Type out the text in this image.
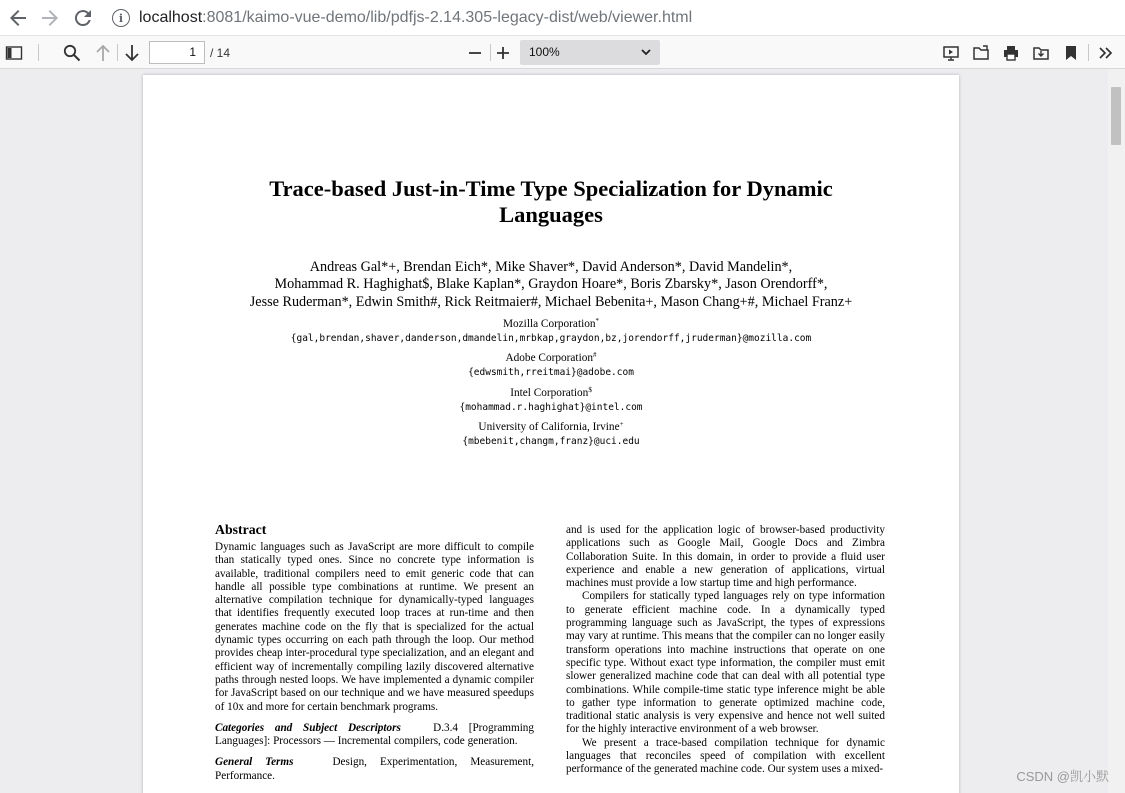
i localhost :8081/kaimo-vue-demo/lib/pdfjs-2.14.305-legacy-dist/web/viewer.html
1	/ 14	100%
Trace-based Just-in-Time Type Specialization for Dynamic
Languages
Andreas Gal*+, Brendan Eich*, Mike Shaver*, David Anderson*, David Mandelin*,
Mohammad R. Haghighat$, Blake Kaplan*, Graydon Hoare*, Boris Zbarsky*, Jason Orendorff*,
Jesse Ruderman*, Edwin Smith#, Rick Reitmaier#, Michael Bebenita+, Mason Chang+#, Michael Franz+
Mozilla Corporation*
{gal,brendan,shaver,danderson,dmandelin,mrbkap,graydon,bz,jorendorff,jruderman}@mozilla.com
Adobe Corporation#
{edwsmith,rreitmai}@adobe.com
Intel Corporation$
{mohammad.r.haghighat}@intel.com
University of California, Irvine+
{mbebenit,changm,franz}@uci.edu
Abstract

Dynamic languages such as JavaScript are more difficult to compile than statically typed ones. Since no concrete type information is available, traditional compilers need to emit generic code that can handle all possible type combinations at runtime. We present an alternative compilation technique for dynamically-typed languages that identifies frequently executed loop traces at run-time and then generates machine code on the fly that is specialized for the actual dynamic types occurring on each path through the loop. Our method provides cheap inter-procedural type specialization, and an elegant and efficient way of incrementally compiling lazily discovered alternative paths through nested loops. We have implemented a dynamic compiler for JavaScript based on our technique and we have measured speedups of 10x and more for certain benchmark programs.

Categories and Subject Descriptors	D.3.4 [Programming Languages]: Processors — Incremental compilers, code generation.

General Terms	Design, Experimentation, Measurement, Performance.

and is used for the application logic of browser-based productivity applications such as Google Mail, Google Docs and Zimbra Collaboration Suite. In this domain, in order to provide a fluid user experience and enable a new generation of applications, virtual machines must provide a low startup time and high performance.

Compilers for statically typed languages rely on type information to generate efficient machine code. In a dynamically typed programming language such as JavaScript, the types of expressions may vary at runtime. This means that the compiler can no longer easily transform operations into machine instructions that operate on one specific type. Without exact type information, the compiler must emit slower generalized machine code that can deal with all potential type combinations. While compile-time static type inference might be able to gather type information to generate optimized machine code, traditional static analysis is very expensive and hence not well suited for the highly interactive environment of a web browser.

We present a trace-based compilation technique for dynamic languages that reconciles speed of compilation with excellent performance of the generated machine code. Our system uses a mixed-	CSDN @凯小默
